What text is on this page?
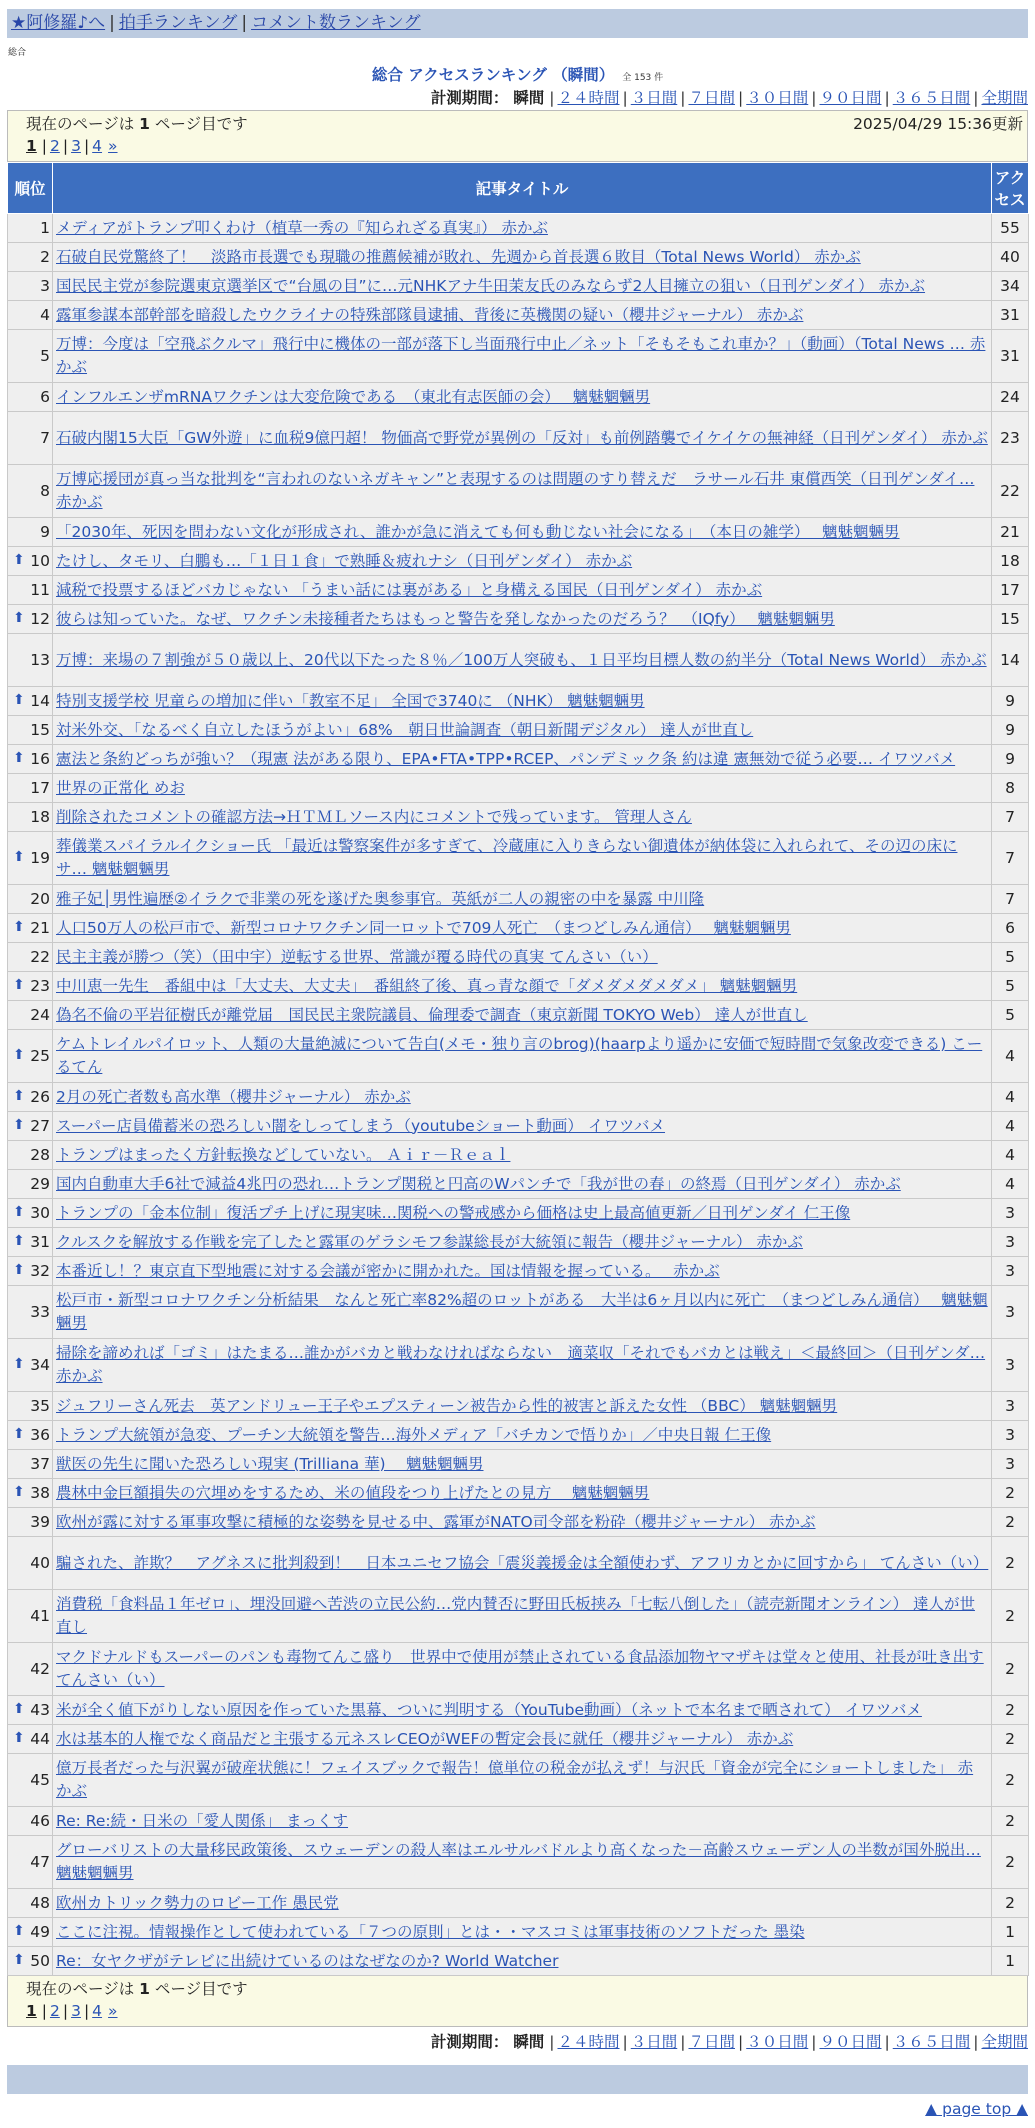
★阿修羅♪へ | 拍手ランキング | コメント数ランキング
総合
総合 アクセスランキング （瞬間） 全 153 件
計測期間： 瞬間 | ２４時間 | ３日間 | ７日間 | ３０日間 | ９０日間 | ３６５日間 | 全期間
現在のページは 1 ページ目です	2025/04/29 15:36更新
1 | 2 | 3 | 4 »
順位	記事タイトル	アクセス
1	メディアがトランプ叩くわけ（植草一秀の『知られざる真実』） 赤かぶ	55
2	石破自民党驚終了！　淡路市長選でも現職の推薦候補が敗れ、先週から首長選６敗目（Total News World） 赤かぶ	40
3	国民民主党が参院選東京選挙区で“台風の目”に…元NHKアナ牛田茉友氏のみならず2人目擁立の狙い（日刊ゲンダイ） 赤かぶ	34
4	露軍参謀本部幹部を暗殺したウクライナの特殊部隊員逮捕、背後に英機関の疑い（櫻井ジャーナル） 赤かぶ	31
5	万博：今度は「空飛ぶクルマ」飛行中に機体の一部が落下し当面飛行中止／ネット「そもそもこれ車か？」（動画）（Total News … 赤かぶ	31
6	インフルエンザmRNAワクチンは大変危険である　（東北有志医師の会）　 魑魅魍魎男	24
7	石破内閣15大臣「GW外遊」に血税9億円超！ 物価高で野党が異例の「反対」も前例踏襲でイケイケの無神経（日刊ゲンダイ） 赤かぶ	23
8	万博応援団が真っ当な批判を“言われのないネガキャン”と表現するのは問題のすり替えだ　ラサール石井 東償西笑（日刊ゲンダイ… 赤かぶ	22
9	「2030年、死因を問わない文化が形成され、誰かが急に消えても何も動じない社会になる」　（本日の雑学）　 魑魅魍魎男	21

⬆ 10	たけし、タモリ、白鵬も…「１日１食」で熟睡＆疲れナシ（日刊ゲンダイ） 赤かぶ	18
11	減税で投票するほどバカじゃない 「うまい話には裏がある」と身構える国民（日刊ゲンダイ） 赤かぶ	17

⬆ 12	彼らは知っていた。なぜ、ワクチン未接種者たちはもっと警告を発しなかったのだろう？　（IQfy）　 魑魅魍魎男	15
13	万博：来場の７割強が５０歳以上、20代以下たった８％／100万人突破も、１日平均目標人数の約半分（Total News World） 赤かぶ	14

⬆ 14	特別支援学校 児童らの増加に伴い「教室不足」 全国で3740に （NHK） 魑魅魍魎男	9
15	対米外交、「なるべく自立したほうがよい」68%　朝日世論調査（朝日新聞デジタル） 達人が世直し	9

⬆ 16	憲法と条約どっちが強い？（現憲 法がある限り、EPA•FTA•TPP•RCEP、パンデミック条 約は違 憲無効で従う必要… イワツバメ	9
17	世界の正常化 めお	8
18	削除されたコメントの確認方法→ＨＴＭＬソース内にコメントで残っています。 管理人さん	7

⬆ 19	葬儀業スパイラルイクショー氏 「最近は警察案件が多すぎて、冷蔵庫に入りきらない御遺体が納体袋に入れられて、その辺の床にサ… 魑魅魍魎男	7
20	雅子妃│男性遍歴②イラクで非業の死を遂げた奥参事官。英紙が二人の親密の中を暴露 中川隆	7

⬆ 21	人口50万人の松戸市で、新型コロナワクチン同一ロットで709人死亡　（まつどしみん通信）　 魑魅魍魎男	6
22	民主主義が勝つ（笑）（田中宇）逆転する世界、常識が覆る時代の真実 てんさい（い）	5

⬆ 23	中川恵一先生　番組中は「大丈夫、大丈夫」　番組終了後、真っ青な顔で「ダメダメダメダメ」 魑魅魍魎男	5
24	偽名不倫の平岩征樹氏が離党届　国民民主衆院議員、倫理委で調査（東京新聞 TOKYO Web） 達人が世直し	5

⬆ 25	ケムトレイルパイロット、人類の大量絶滅について告白(メモ・独り言のbrog)(haarpより遥かに安価で短時間で気象改変できる) こーるてん	4

⬆ 26	2月の死亡者数も高水準（櫻井ジャーナル） 赤かぶ	4

⬆ 27	スーパー店員備蓄米の恐ろしい闇をしってしまう（youtubeショート動画） イワツバメ	4
28	トランプはまったく方針転換などしていない。 Ａｉｒ－Ｒｅａｌ	4
29	国内自動車大手6社で減益4兆円の恐れ…トランプ関税と円高のWパンチで「我が世の春」の終焉（日刊ゲンダイ） 赤かぶ	4

⬆ 30	トランプの「金本位制」復活プチ上げに現実味…関税への警戒感から価格は史上最高値更新／日刊ゲンダイ 仁王像	3

⬆ 31	クルスクを解放する作戦を完了したと露軍のゲラシモフ参謀総長が大統領に報告（櫻井ジャーナル） 赤かぶ	3

⬆ 32	本番近し！？東京直下型地震に対する会議が密かに開かれた。国は情報を握っている。　 赤かぶ	3
33	松戸市・新型コロナワクチン分析結果　なんと死亡率82%超のロットがある　大半は6ヶ月以内に死亡　（まつどしみん通信）　 魑魅魍魎男	3

⬆ 34	掃除を諦めれば「ゴミ」はたまる…誰かがバカと戦わなければならない　適菜収「それでもバカとは戦え」＜最終回＞（日刊ゲンダ… 赤かぶ	3
35	ジュフリーさん死去　英アンドリュー王子やエプスティーン被告から性的被害と訴えた女性 （BBC） 魑魅魍魎男	3

⬆ 36	トランプ大統領が急変、プーチン大統領を警告…海外メディア「バチカンで悟りか」／中央日報 仁王像	3
37	獣医の先生に聞いた恐ろしい現実 (Trilliana 華)　 魑魅魍魎男	3

⬆ 38	農林中金巨額損失の穴埋めをするため、米の値段をつり上げたとの見方　 魑魅魍魎男	2
39	欧州が露に対する軍事攻撃に積極的な姿勢を見せる中、露軍がNATO司令部を粉砕（櫻井ジャーナル） 赤かぶ	2
40	騙された、詐欺？　アグネスに批判殺到！　日本ユニセフ協会「震災義援金は全額使わず、アフリカとかに回すから」 てんさい（い）	2
41	消費税「食料品１年ゼロ」、埋没回避へ苦渋の立民公約…党内賛否に野田氏板挟み「七転八倒した」（読売新聞オンライン） 達人が世直し	2
42	マクドナルドもスーパーのパンも毒物てんこ盛り　世界中で使用が禁止されている食品添加物ヤマザキは堂々と使用、社長が吐き出す てんさい（い）	2

⬆ 43	米が全く値下がりしない原因を作っていた黒幕、ついに判明する（YouTube動画）（ネットで本名まで晒されて） イワツバメ	2

⬆ 44	水は基本的人権でなく商品だと主張する元ネスレCEOがWEFの暫定会長に就任（櫻井ジャーナル） 赤かぶ	2
45	億万長者だった与沢翼が破産状態に！フェイスブックで報告！億単位の税金が払えず！与沢氏「資金が完全にショートしました」 赤かぶ	2
46	Re: Re:続・日米の「愛人関係」 まっくす	2
47	グローバリストの大量移民政策後、スウェーデンの殺人率はエルサルバドルより高くなった－高齢スウェーデン人の半数が国外脱出… 魑魅魍魎男	2
48	欧州カトリック勢力のロビー工作 愚民党	2

⬆ 49	ここに注視。情報操作として使われている「７つの原則」とは・・マスコミは軍事技術のソフトだった 墨染	1

⬆ 50	Re：女ヤクザがテレビに出続けているのはなぜなのか? World Watcher	1
現在のページは 1 ページ目です
1 | 2 | 3 | 4 »
計測期間： 瞬間 | ２４時間 | ３日間 | ７日間 | ３０日間 | ９０日間 | ３６５日間 | 全期間
▲ page top ▲
